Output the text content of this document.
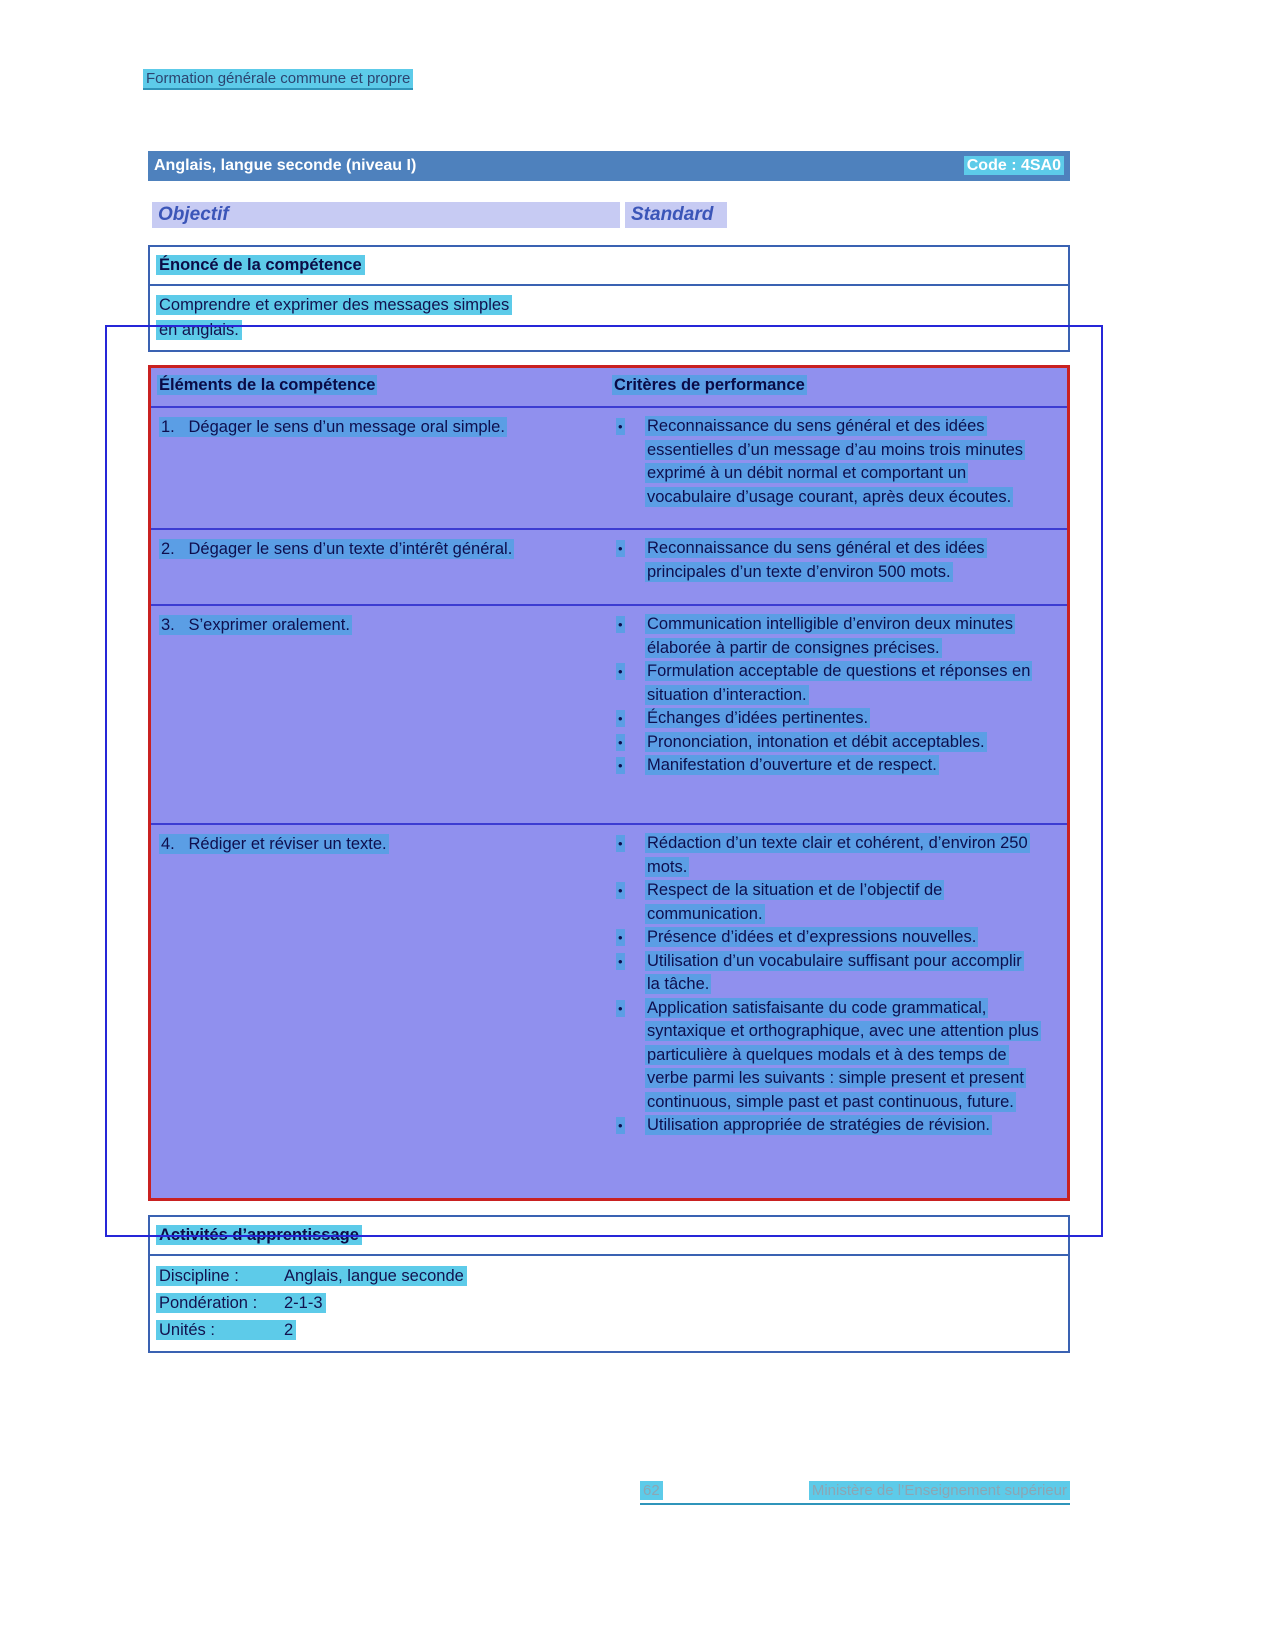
Formation générale commune et propre
Anglais, langue seconde (niveau I)	Code : 4SA0
Objectif	Standard
Énoncé de la compétence
Comprendre et exprimer des messages simples
en anglais.
Éléments de la compétence	Critères de performance
1.   Dégager le sens d’un message oral simple.	•	Reconnaissance du sens général et des idées essentielles d’un message d’au moins trois minutes exprimé à un débit normal et comportant un vocabulaire d’usage courant, après deux écoutes.
2.   Dégager le sens d’un texte d’intérêt général.	•	Reconnaissance du sens général et des idées principales d’un texte d’environ 500 mots.
3.   S’exprimer oralement.	•	Communication intelligible d’environ deux minutes élaborée à partir de consignes précises.
•	Formulation acceptable de questions et réponses en situation d’interaction.
•	Échanges d’idées pertinentes.
•	Prononciation, intonation et débit acceptables.
•	Manifestation d’ouverture et de respect.
4.   Rédiger et réviser un texte.	•	Rédaction d’un texte clair et cohérent, d’environ 250 mots.
•	Respect de la situation et de l’objectif de communication.
•	Présence d’idées et d’expressions nouvelles.
•	Utilisation d’un vocabulaire suffisant pour accomplir la tâche.
•	Application satisfaisante du code grammatical, syntaxique et orthographique, avec une attention plus particulière à quelques modals et à des temps de verbe parmi les suivants : simple present et present continuous, simple past et past continuous, future.
•	Utilisation appropriée de stratégies de révision.
Activités d’apprentissage
Discipline :	Anglais, langue seconde
Pondération : 2-1-3
Unités :	2
62	Ministère de l’Enseignement supérieur
